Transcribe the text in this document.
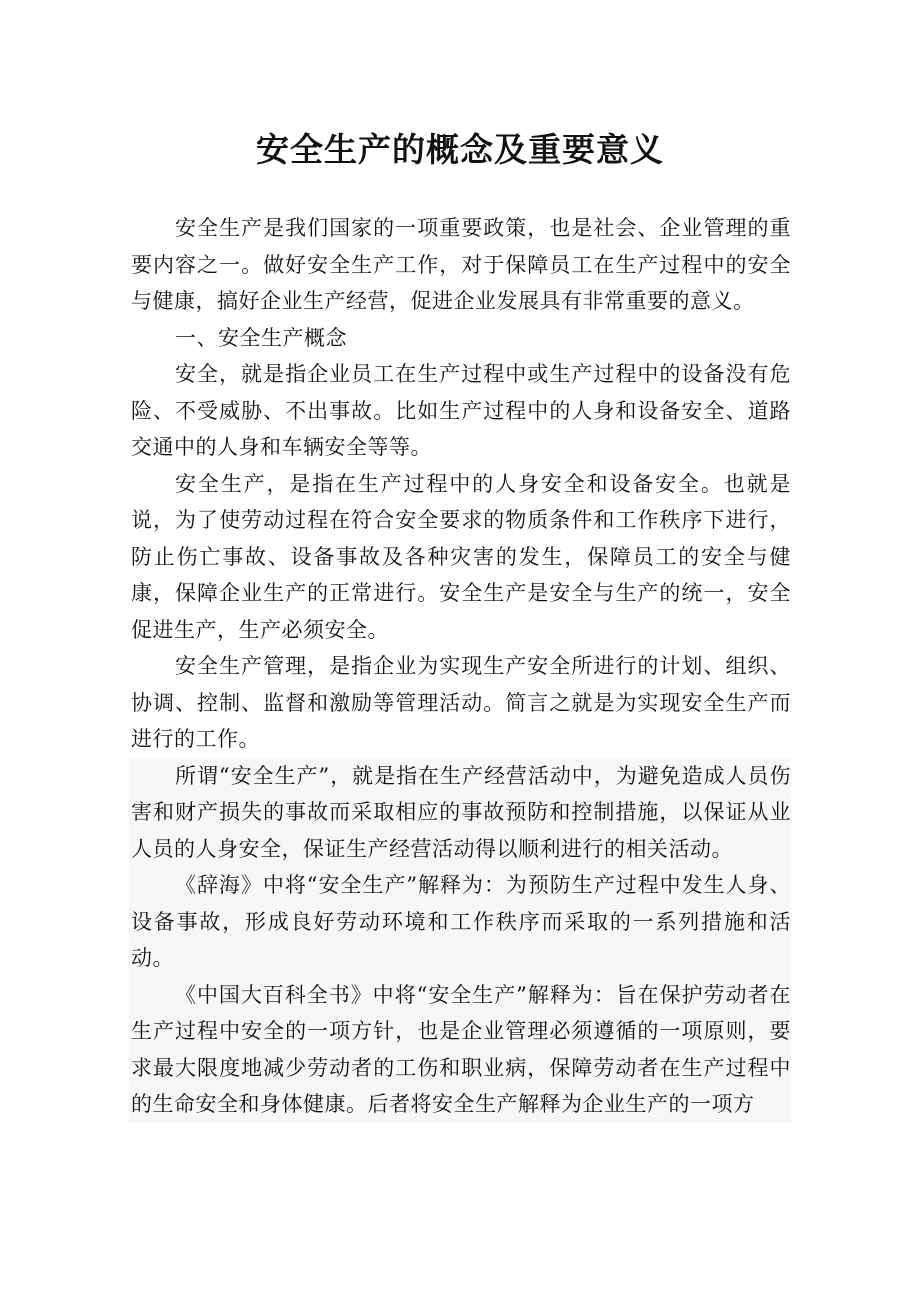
安全生产的概念及重要意义

安全生产是我们国家的一项重要政策，也是社会、企业管理的重要内容之一。做好安全生产工作，对于保障员工在生产过程中的安全与健康，搞好企业生产经营，促进企业发展具有非常重要的意义。

一、安全生产概念

安全，就是指企业员工在生产过程中或生产过程中的设备没有危险、不受威胁、不出事故。比如生产过程中的人身和设备安全、道路交通中的人身和车辆安全等等。

安全生产，是指在生产过程中的人身安全和设备安全。也就是说，为了使劳动过程在符合安全要求的物质条件和工作秩序下进行，防止伤亡事故、设备事故及各种灾害的发生，保障员工的安全与健康，保障企业生产的正常进行。安全生产是安全与生产的统一，安全促进生产，生产必须安全。

安全生产管理，是指企业为实现生产安全所进行的计划、组织、协调、控制、监督和激励等管理活动。简言之就是为实现安全生产而进行的工作。

所谓“安全生产”，就是指在生产经营活动中，为避免造成人员伤害和财产损失的事故而采取相应的事故预防和控制措施，以保证从业人员的人身安全，保证生产经营活动得以顺利进行的相关活动。

《辞海》中将“安全生产”解释为：为预防生产过程中发生人身、设备事故，形成良好劳动环境和工作秩序而采取的一系列措施和活动。

《中国大百科全书》中将“安全生产”解释为：旨在保护劳动者在生产过程中安全的一项方针，也是企业管理必须遵循的一项原则，要求最大限度地减少劳动者的工伤和职业病，保障劳动者在生产过程中的生命安全和身体健康。后者将安全生产解释为企业生产的一项方
